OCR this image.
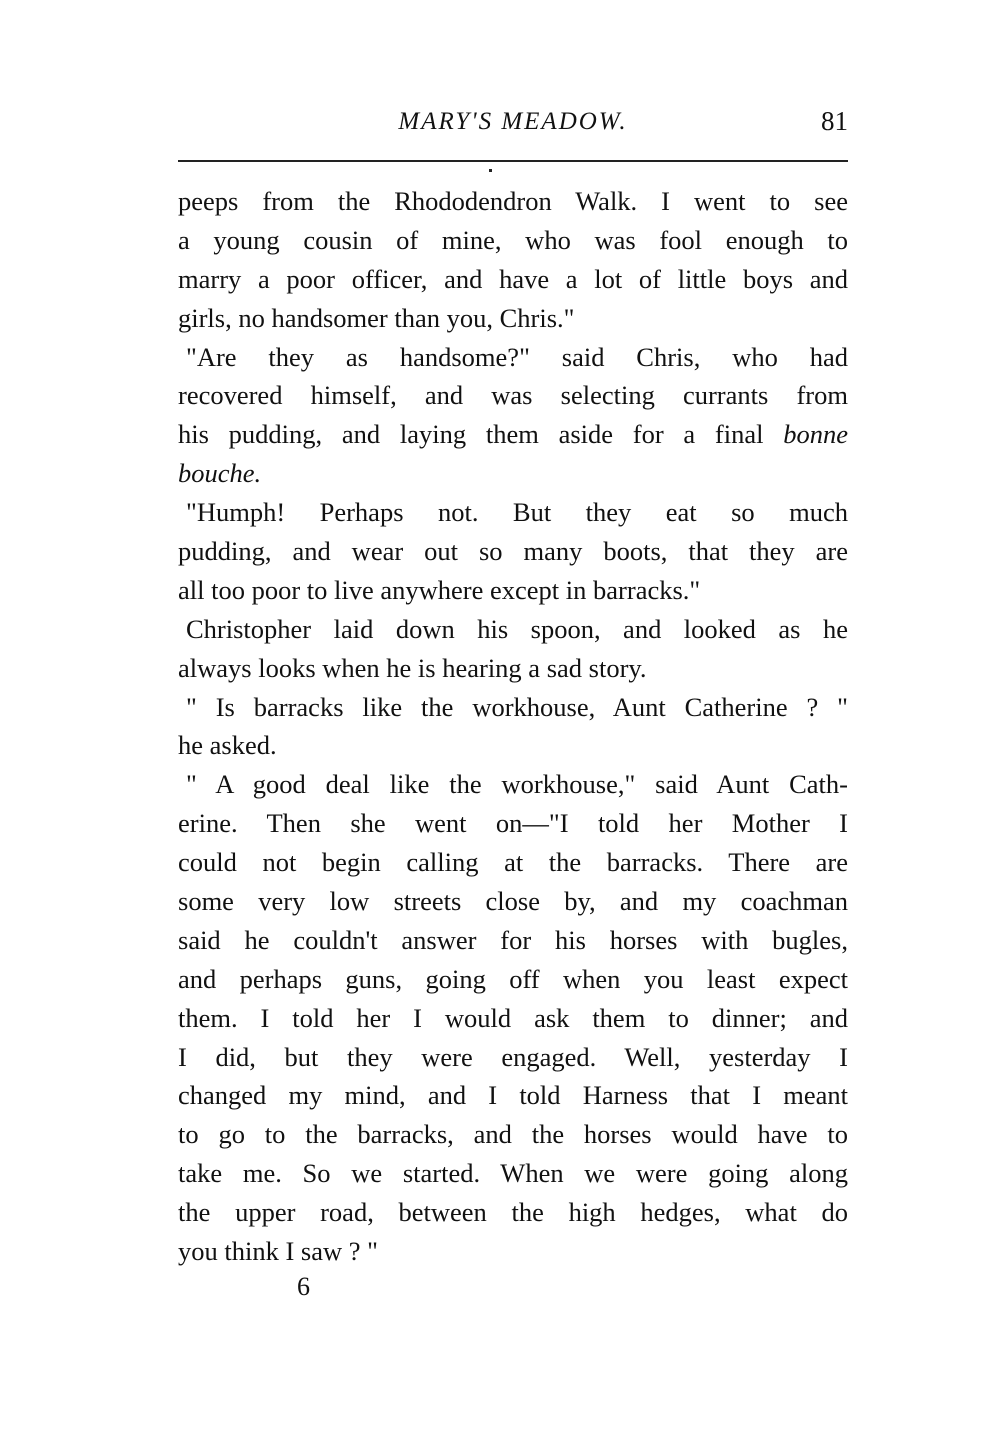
MARY'S MEADOW.	81
peeps from the Rhododendron Walk. I went to see
a young cousin of mine, who was fool enough to
marry a poor officer, and have a lot of little boys and
girls, no handsomer than you, Chris."
"Are they as handsome?" said Chris, who had
recovered himself, and was selecting currants from
his pudding, and laying them aside for a final bonne
bouche.
"Humph! Perhaps not. But they eat so much
pudding, and wear out so many boots, that they are
all too poor to live anywhere except in barracks."
Christopher laid down his spoon, and looked as he
always looks when he is hearing a sad story.
" Is barracks like the workhouse, Aunt Catherine ? "
he asked.
" A good deal like the workhouse," said Aunt Cath-
erine. Then she went on—"I told her Mother I
could not begin calling at the barracks. There are
some very low streets close by, and my coachman
said he couldn't answer for his horses with bugles,
and perhaps guns, going off when you least expect
them. I told her I would ask them to dinner; and
I did, but they were engaged. Well, yesterday I
changed my mind, and I told Harness that I meant
to go to the barracks, and the horses would have to
take me. So we started. When we were going along
the upper road, between the high hedges, what do
you think I saw ? "
6
